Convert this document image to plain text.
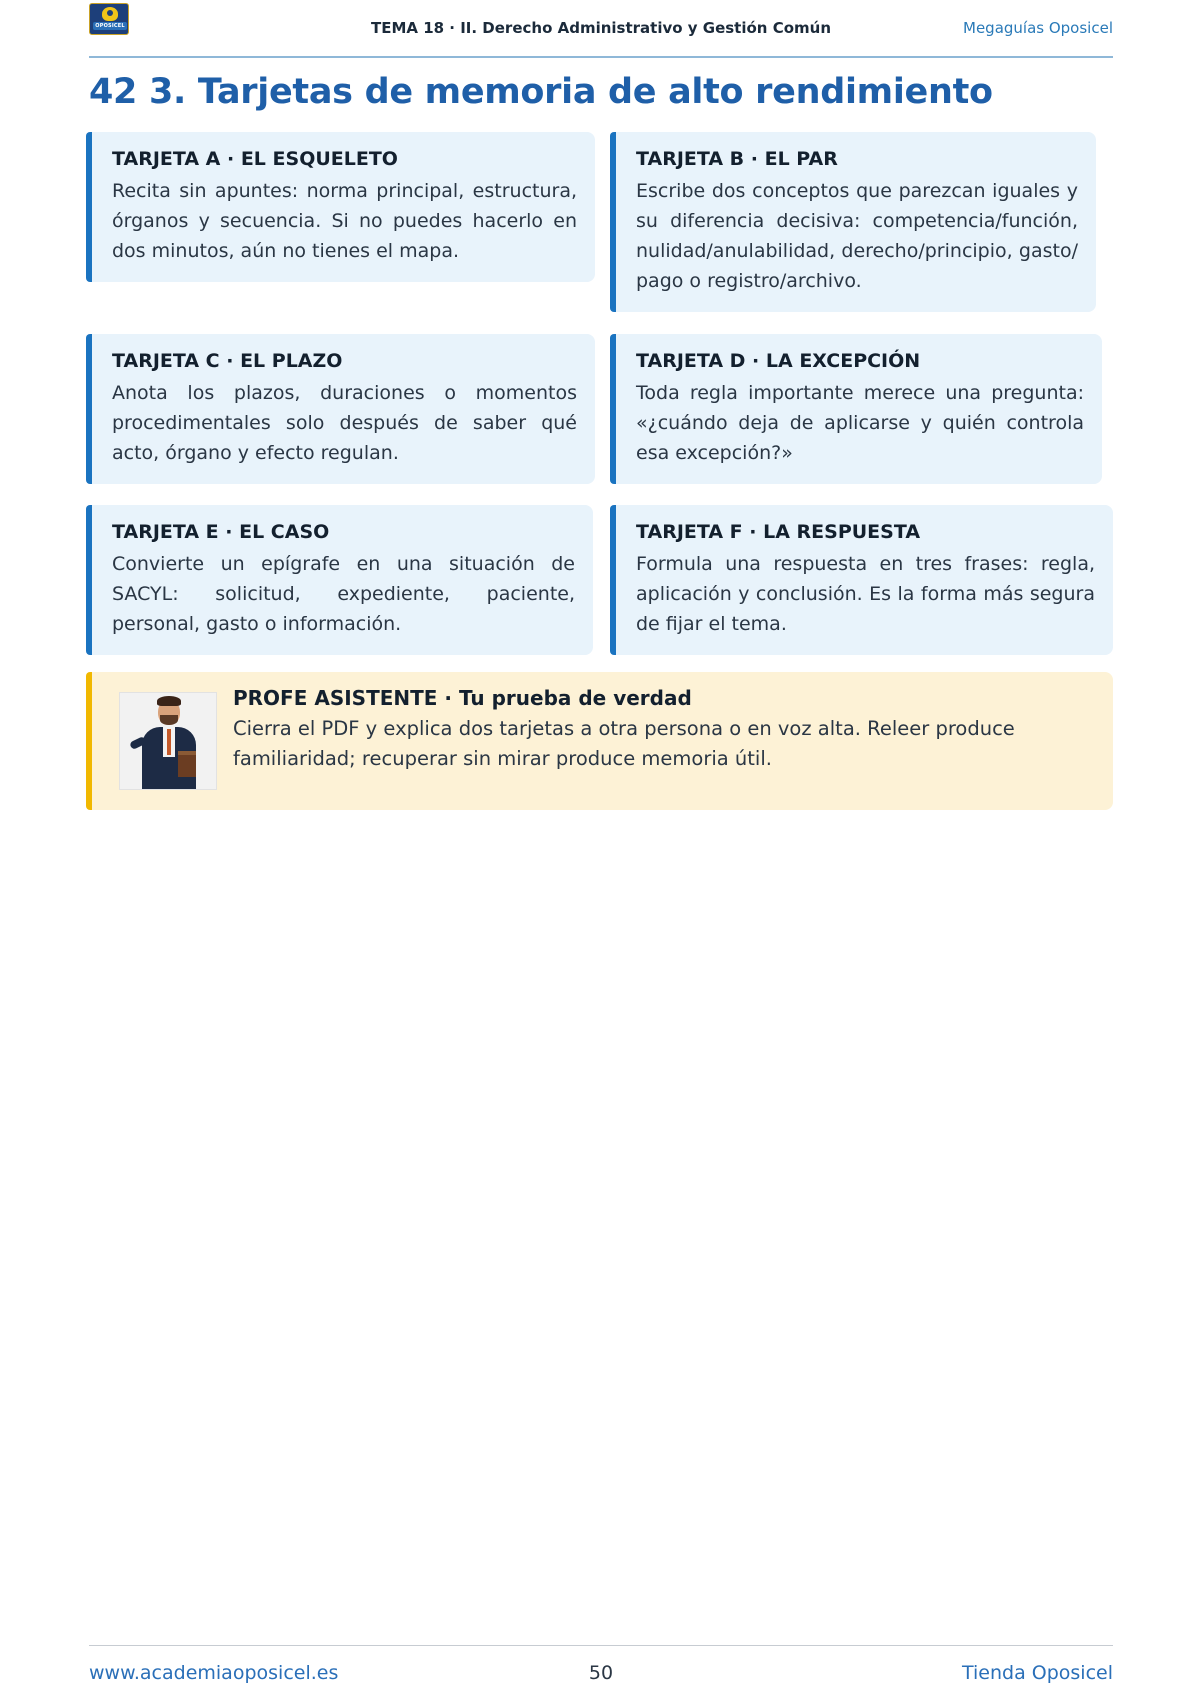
OPOSICEL	TEMA 18 · II. Derecho Administrativo y Gestión Común	Megaguías Oposicel
42 3. Tarjetas de memoria de alto rendimiento
TARJETA A · EL ESQUELETO
Recita sin apuntes: norma principal, estructura, órganos y secuencia. Si no puedes hacerlo en dos minutos, aún no tienes el mapa.
TARJETA B · EL PAR
Escribe dos conceptos que parezcan iguales y su diferencia decisiva: competencia/función, nulidad/anulabilidad, derecho/principio, gasto/ pago o registro/archivo.
TARJETA C · EL PLAZO
Anota los plazos, duraciones o momentos procedimentales solo después de saber qué acto, órgano y efecto regulan.
TARJETA D · LA EXCEPCIÓN
Toda regla importante merece una pregunta: «¿cuándo deja de aplicarse y quién controla esa excepción?»
TARJETA E · EL CASO
Convierte un epígrafe en una situación de SACYL: solicitud, expediente, paciente, personal, gasto o información.
TARJETA F · LA RESPUESTA
Formula una respuesta en tres frases: regla, aplicación y conclusión. Es la forma más segura de fijar el tema.
PROFE ASISTENTE · Tu prueba de verdad
Cierra el PDF y explica dos tarjetas a otra persona o en voz alta. Releer produce familiaridad; recuperar sin mirar produce memoria útil.
www.academiaoposicel.es	50	Tienda Oposicel
